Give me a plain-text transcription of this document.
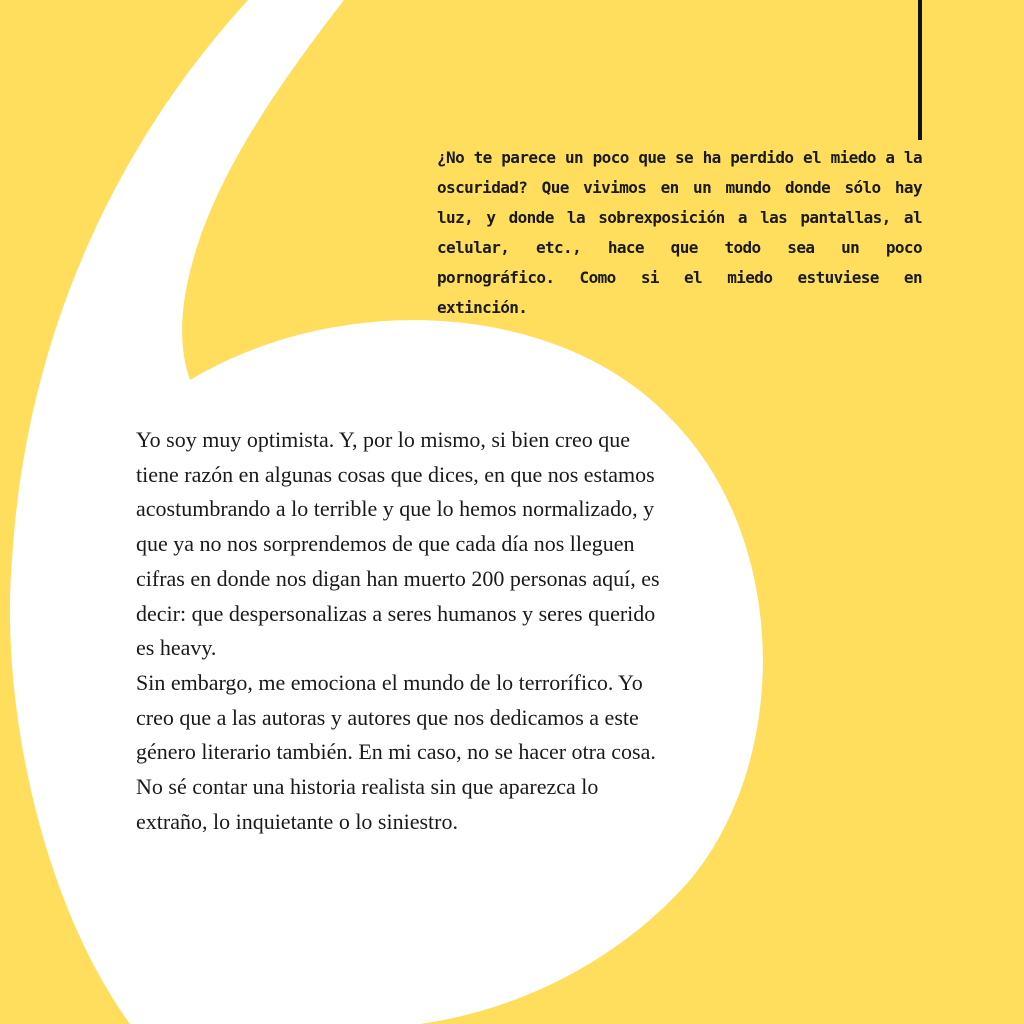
¿No te parece un poco que se ha perdido el miedo a la oscuridad? Que vivimos en un mundo donde sólo hay luz, y donde la sobrexposición a las pantallas, al celular, etc., hace que todo sea un poco pornográfico. Como si el miedo estuviese en extinción.

Yo soy muy optimista. Y, por lo mismo, si bien creo que tiene razón en algunas cosas que dices, en que nos estamos acostumbrando a lo terrible y que lo hemos normalizado, y que ya no nos sorprendemos de que cada día nos lleguen cifras en donde nos digan han muerto 200 personas aquí, es decir: que despersonalizas a seres humanos y seres querido es heavy.

Sin embargo, me emociona el mundo de lo terrorífico. Yo creo que a las autoras y autores que nos dedicamos a este género literario también. En mi caso, no se hacer otra cosa. No sé contar una historia realista sin que aparezca lo extraño, lo inquietante o lo siniestro.
